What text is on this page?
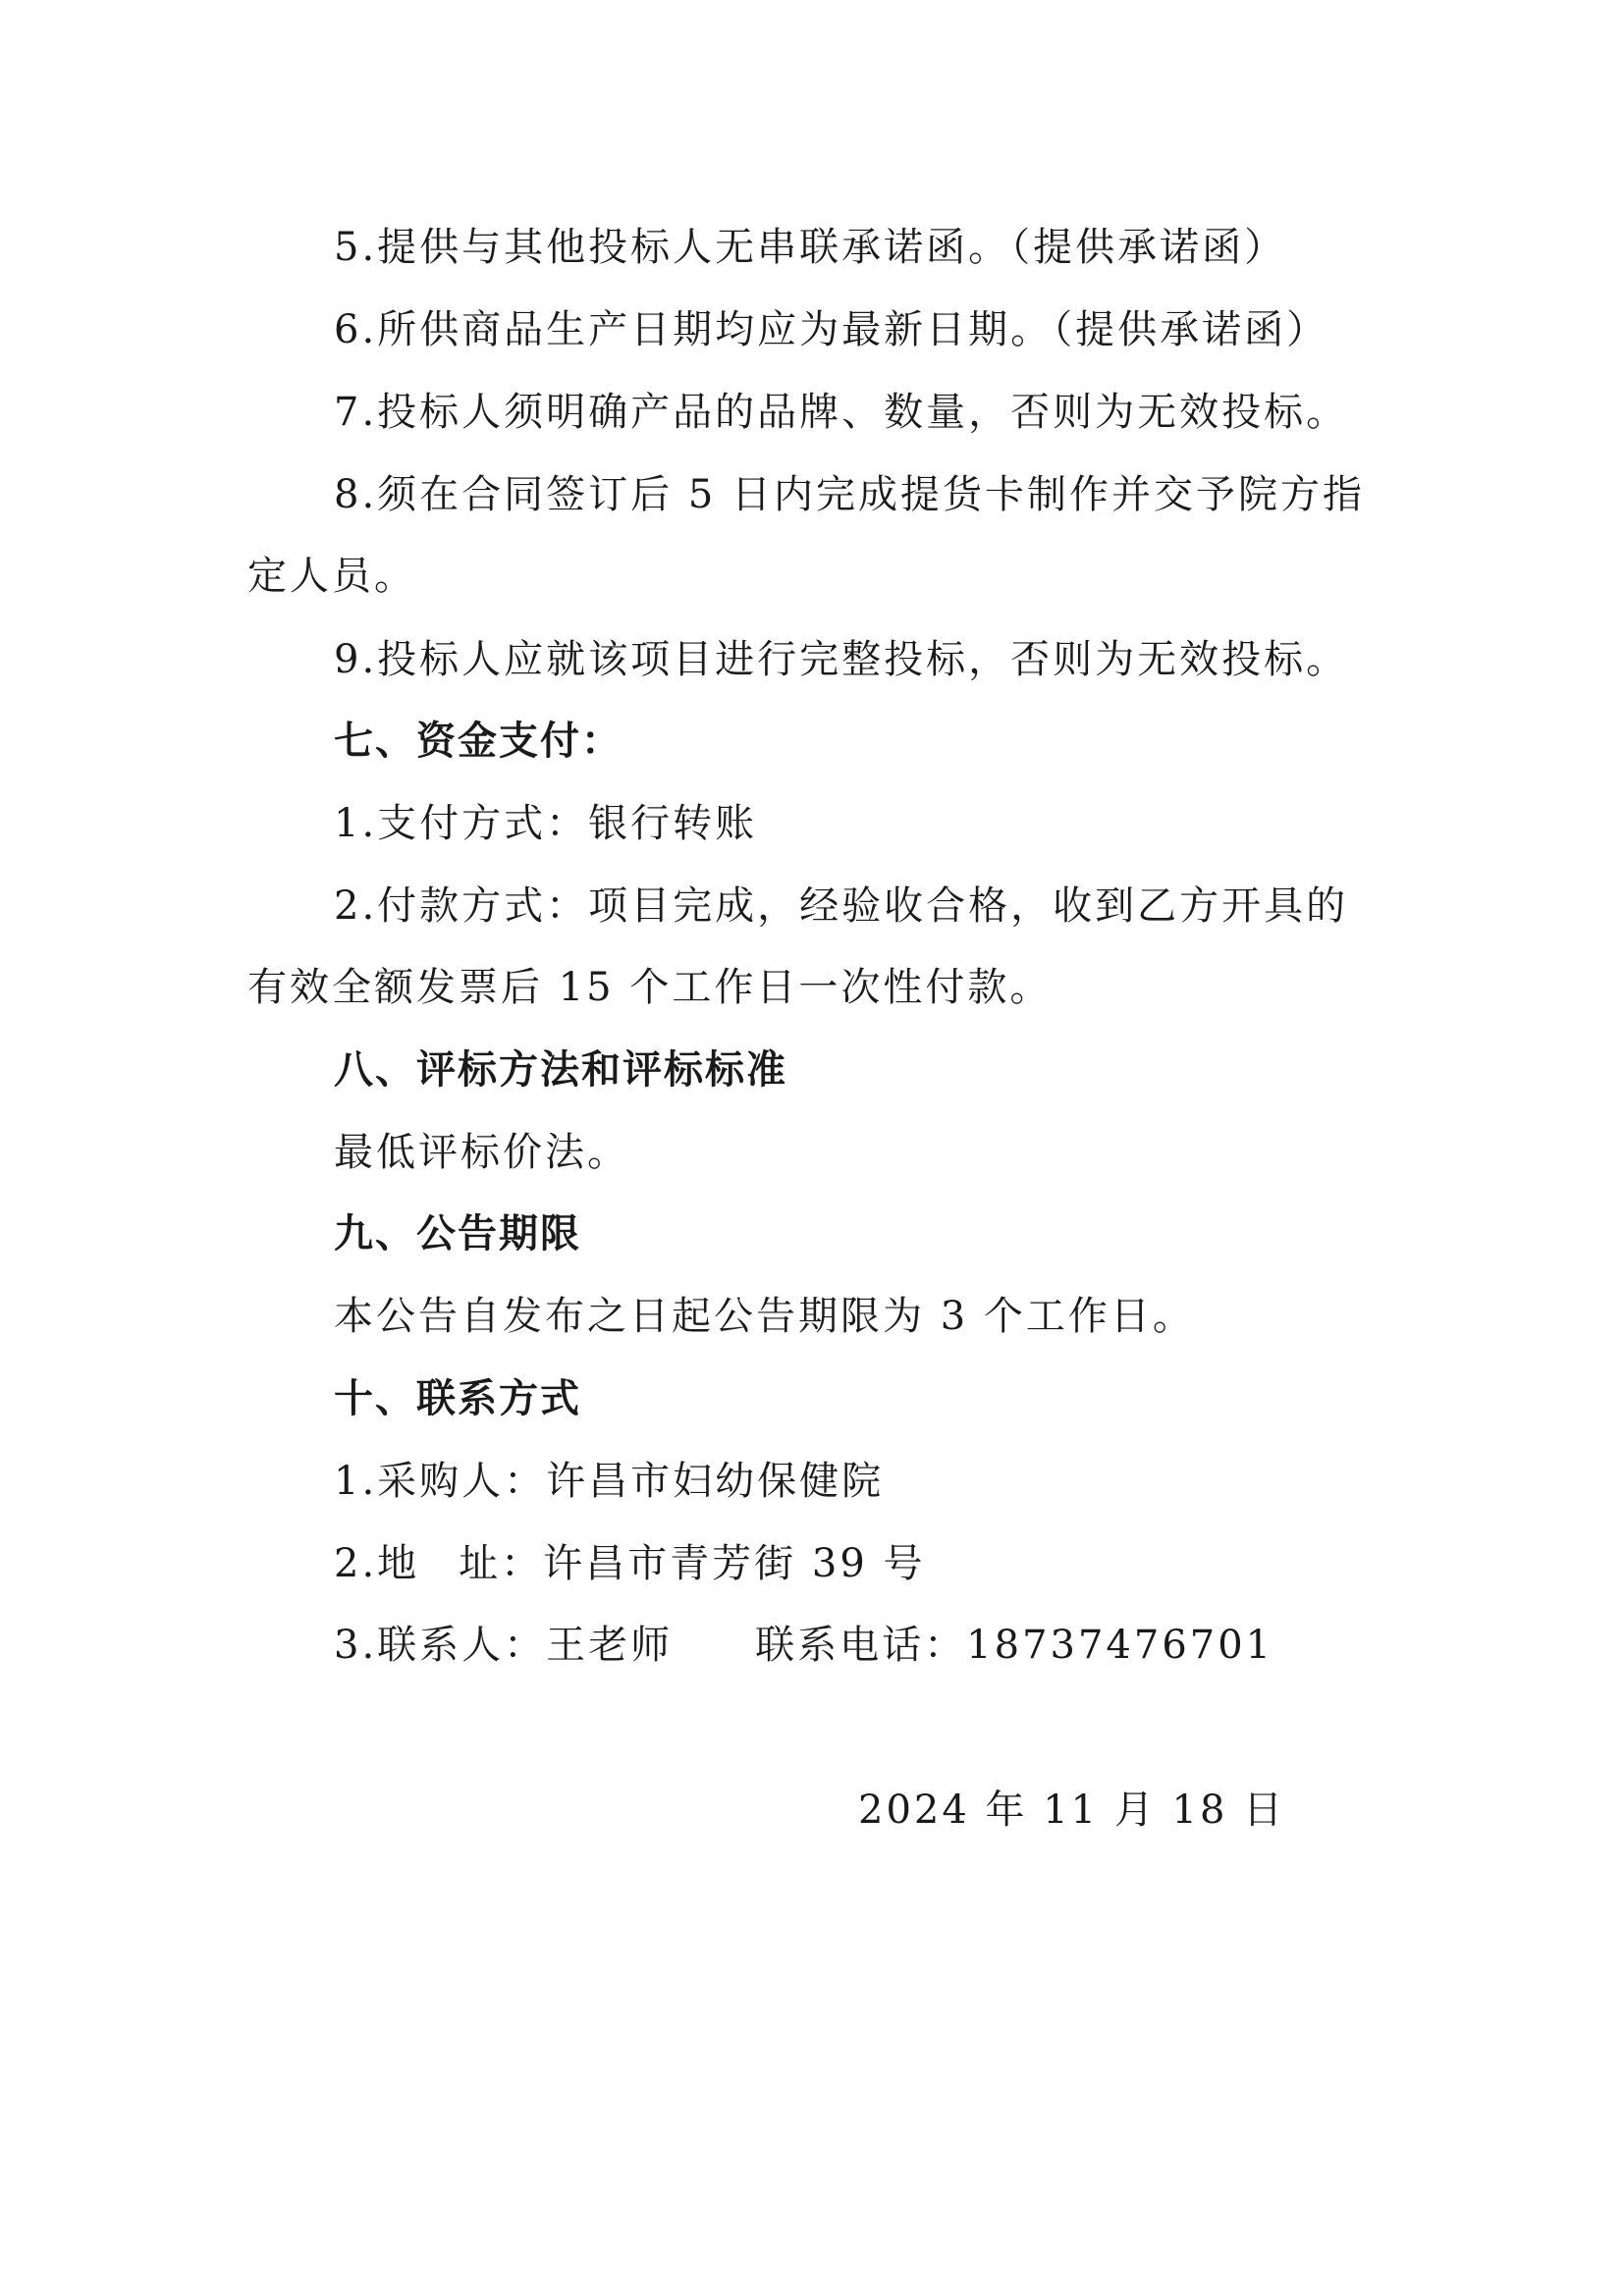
5.提供与其他投标人无串联承诺函。（提供承诺函）
6.所供商品生产日期均应为最新日期。（提供承诺函）
7.投标人须明确产品的品牌、数量，否则为无效投标。
8.须在合同签订后 5 日内完成提货卡制作并交予院方指
定人员。
9.投标人应就该项目进行完整投标，否则为无效投标。
七、资金支付：
1.支付方式：银行转账
2.付款方式：项目完成，经验收合格，收到乙方开具的
有效全额发票后 15 个工作日一次性付款。
八、评标方法和评标标准
最低评标价法。
九、公告期限
本公告自发布之日起公告期限为 3 个工作日。
十、联系方式
1.采购人：许昌市妇幼保健院
2.地 址：许昌市青芳街 39 号
3.联系人：王老师 联系电话：18737476701
2024 年 11 月 18 日
